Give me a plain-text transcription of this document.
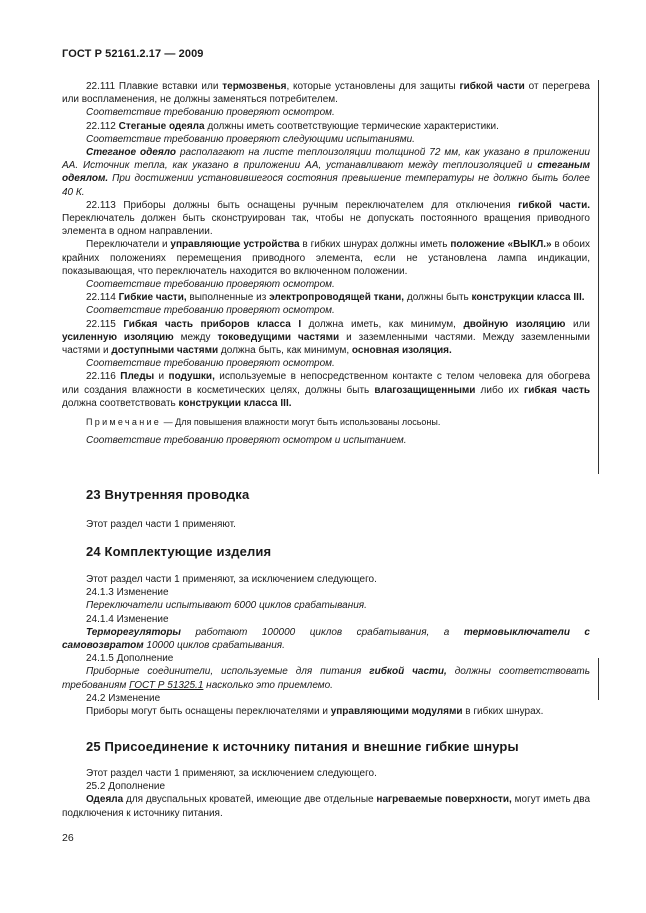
ГОСТ Р 52161.2.17 — 2009

22.111 Плавкие вставки или термозвенья, которые установлены для защиты гибкой части от перегрева или воспламенения, не должны заменяться потребителем.

Соответствие требованию проверяют осмотром.

22.112 Стеганые одеяла должны иметь соответствующие термические характеристики.

Соответствие требованию проверяют следующими испытаниями.

Стеганое одеяло располагают на листе теплоизоляции толщиной 72 мм, как указано в приложении АА. Источник тепла, как указано в приложении АА, устанавливают между теплоизоляцией и стеганым одеялом. При достижении установившегося состояния превышение температуры не должно быть более 40 К.

22.113 Приборы должны быть оснащены ручным переключателем для отключения гибкой части. Переключатель должен быть сконструирован так, чтобы не допускать постоянного вращения приводного элемента в одном направлении.

Переключатели и управляющие устройства в гибких шнурах должны иметь положение «ВЫКЛ.» в обоих крайних положениях перемещения приводного элемента, если не установлена лампа индикации, показывающая, что переключатель находится во включенном положении.

Соответствие требованию проверяют осмотром.

22.114 Гибкие части, выполненные из электропроводящей ткани, должны быть конструкции класса III.

Соответствие требованию проверяют осмотром.

22.115 Гибкая часть приборов класса I должна иметь, как минимум, двойную изоляцию или усиленную изоляцию между токоведущими частями и заземленными частями. Между заземленными частями и доступными частями должна быть, как минимум, основная изоляция.

Соответствие требованию проверяют осмотром.

22.116 Пледы и подушки, используемые в непосредственном контакте с телом человека для обогрева или создания влажности в косметических целях, должны быть влагозащищенными либо их гибкая часть должна соответствовать конструкции класса III.

Примечание — Для повышения влажности могут быть использованы лосьоны.

Соответствие требованию проверяют осмотром и испытанием.

23 Внутренняя проводка

Этот раздел части 1 применяют.

24 Комплектующие изделия

Этот раздел части 1 применяют, за исключением следующего.

24.1.3 Изменение

Переключатели испытывают 6000 циклов срабатывания.

24.1.4 Изменение

Терморегуляторы работают 100000 циклов срабатывания, а термовыключатели с самовозвратом 10000 циклов срабатывания.

24.1.5 Дополнение

Приборные соединители, используемые для питания гибкой части, должны соответствовать требованиям ГОСТ Р 51325.1 насколько это приемлемо.

24.2 Изменение

Приборы могут быть оснащены переключателями и управляющими модулями в гибких шнурах.

25 Присоединение к источнику питания и внешние гибкие шнуры

Этот раздел части 1 применяют, за исключением следующего.

25.2 Дополнение

Одеяла для двуспальных кроватей, имеющие две отдельные нагреваемые поверхности, могут иметь два подключения к источнику питания.

26
